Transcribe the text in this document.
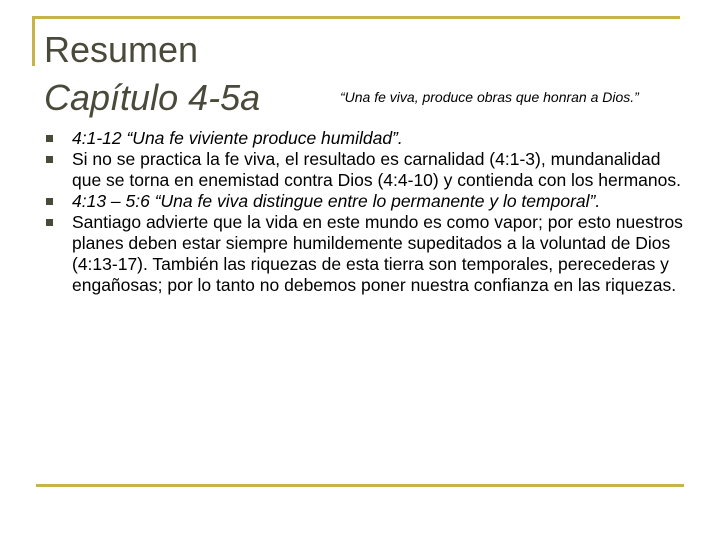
Resumen
Capítulo 4-5a	“Una fe viva, produce obras que honran a Dios.”
4:1-12 “Una fe viviente produce humildad”.
Si no se practica la fe viva, el resultado es carnalidad (4:1-3), mundanalidad que se torna en enemistad contra Dios (4:4-10) y contienda con los hermanos.
4:13 – 5:6 “Una fe viva distingue entre lo permanente y lo temporal”.
Santiago advierte que la vida en este mundo es como vapor; por esto nuestros planes deben estar siempre humildemente supeditados a la voluntad de Dios (4:13-17). También las riquezas de esta tierra son temporales, perecederas y engañosas; por lo tanto no debemos poner nuestra confianza en las riquezas.
